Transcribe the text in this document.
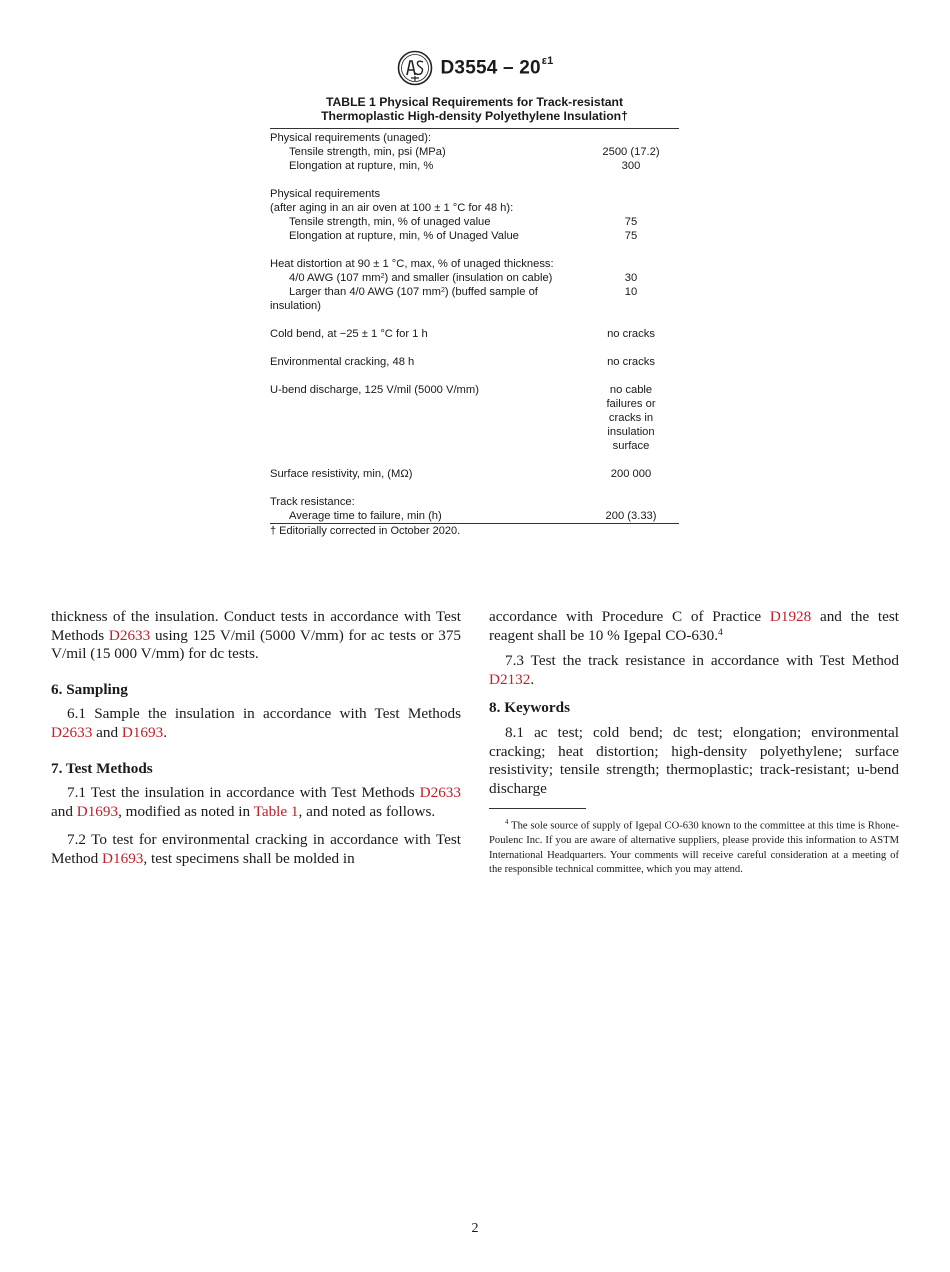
$D3554 - 20^{\varepsilon 1}$
TABLE 1 Physical Requirements for Track-resistant
Thermoplastic High-density Polyethylene Insulation†
Physical requirements (unaged):
Tensile strength, min, psi (MPa)	2500 (17.2)
Elongation at rupture, min, %	300
Physical requirements
(after aging in an air oven at 100 ± 1 °C for 48 h):
Tensile strength, min, % of unaged value	75
Elongation at rupture, min, % of Unaged Value	75
Heat distortion at 90 ± 1 °C, max, % of unaged thickness:
4/0 AWG (107 $mm^2$) and smaller (insulation on cable)	30
Larger than 4/0 AWG (107 $mm^2$) (buffed sample of	10
insulation)
Cold bend, at −25 ± 1 °C for 1 h	no cracks
Environmental cracking, 48 h	no cracks
U-bend discharge, 125 V/mil (5000 V/mm)	no cable
failures or
cracks in
insulation
surface
Surface resistivity, min, (MΩ)	200 000
Track resistance:
Average time to failure, min (h)	200 (3.33)
† Editorially corrected in October 2020.

thickness of the insulation. Conduct tests in accordance with Test Methods D2633 using 125 V/mil (5000 V/mm) for ac tests or 375 V/mil (15 000 V/mm) for dc tests.

6. Sampling

6.1 Sample the insulation in accordance with Test Methods D2633 and D1693.

7. Test Methods

7.1 Test the insulation in accordance with Test Methods D2633 and D1693, modified as noted in Table 1, and noted as follows.

7.2 To test for environmental cracking in accordance with Test Method D1693, test specimens shall be molded in

accordance with Procedure C of Practice D1928 and the test reagent shall be 10 % Igepal CO-630.$^4$

7.3 Test the track resistance in accordance with Test Method D2132.

8. Keywords

8.1 ac test; cold bend; dc test; elongation; environmental cracking; heat distortion; high-density polyethylene; surface resistivity; tensile strength; thermoplastic; track-resistant; u-bend discharge

$^4$ The sole source of supply of Igepal CO-630 known to the committee at this time is Rhone-Poulenc Inc. If you are aware of alternative suppliers, please provide this information to ASTM International Headquarters. Your comments will receive careful consideration at a meeting of the responsible technical committee, which you may attend.

2
